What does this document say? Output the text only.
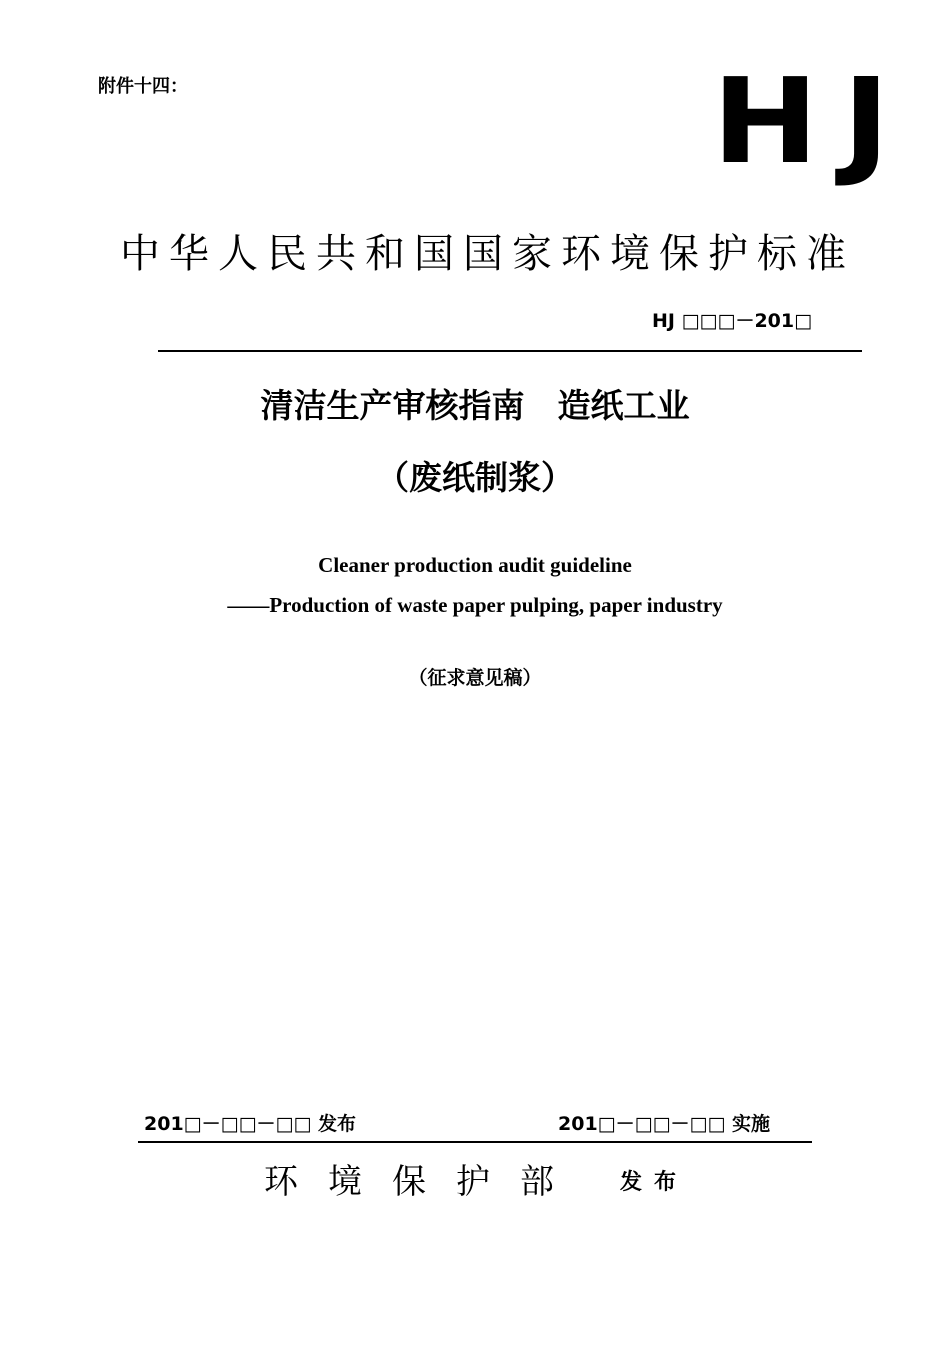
附件十四：	HJ
中华人民共和国国家环境保护标准
HJ □□□－201□
清洁生产审核指南　造纸工业
（废纸制浆）
Cleaner production audit guideline
——Production of waste paper pulping, paper industry
（征求意见稿）
201□－□□－□□ 发布	201□－□□－□□ 实施
环境保护部 发布
